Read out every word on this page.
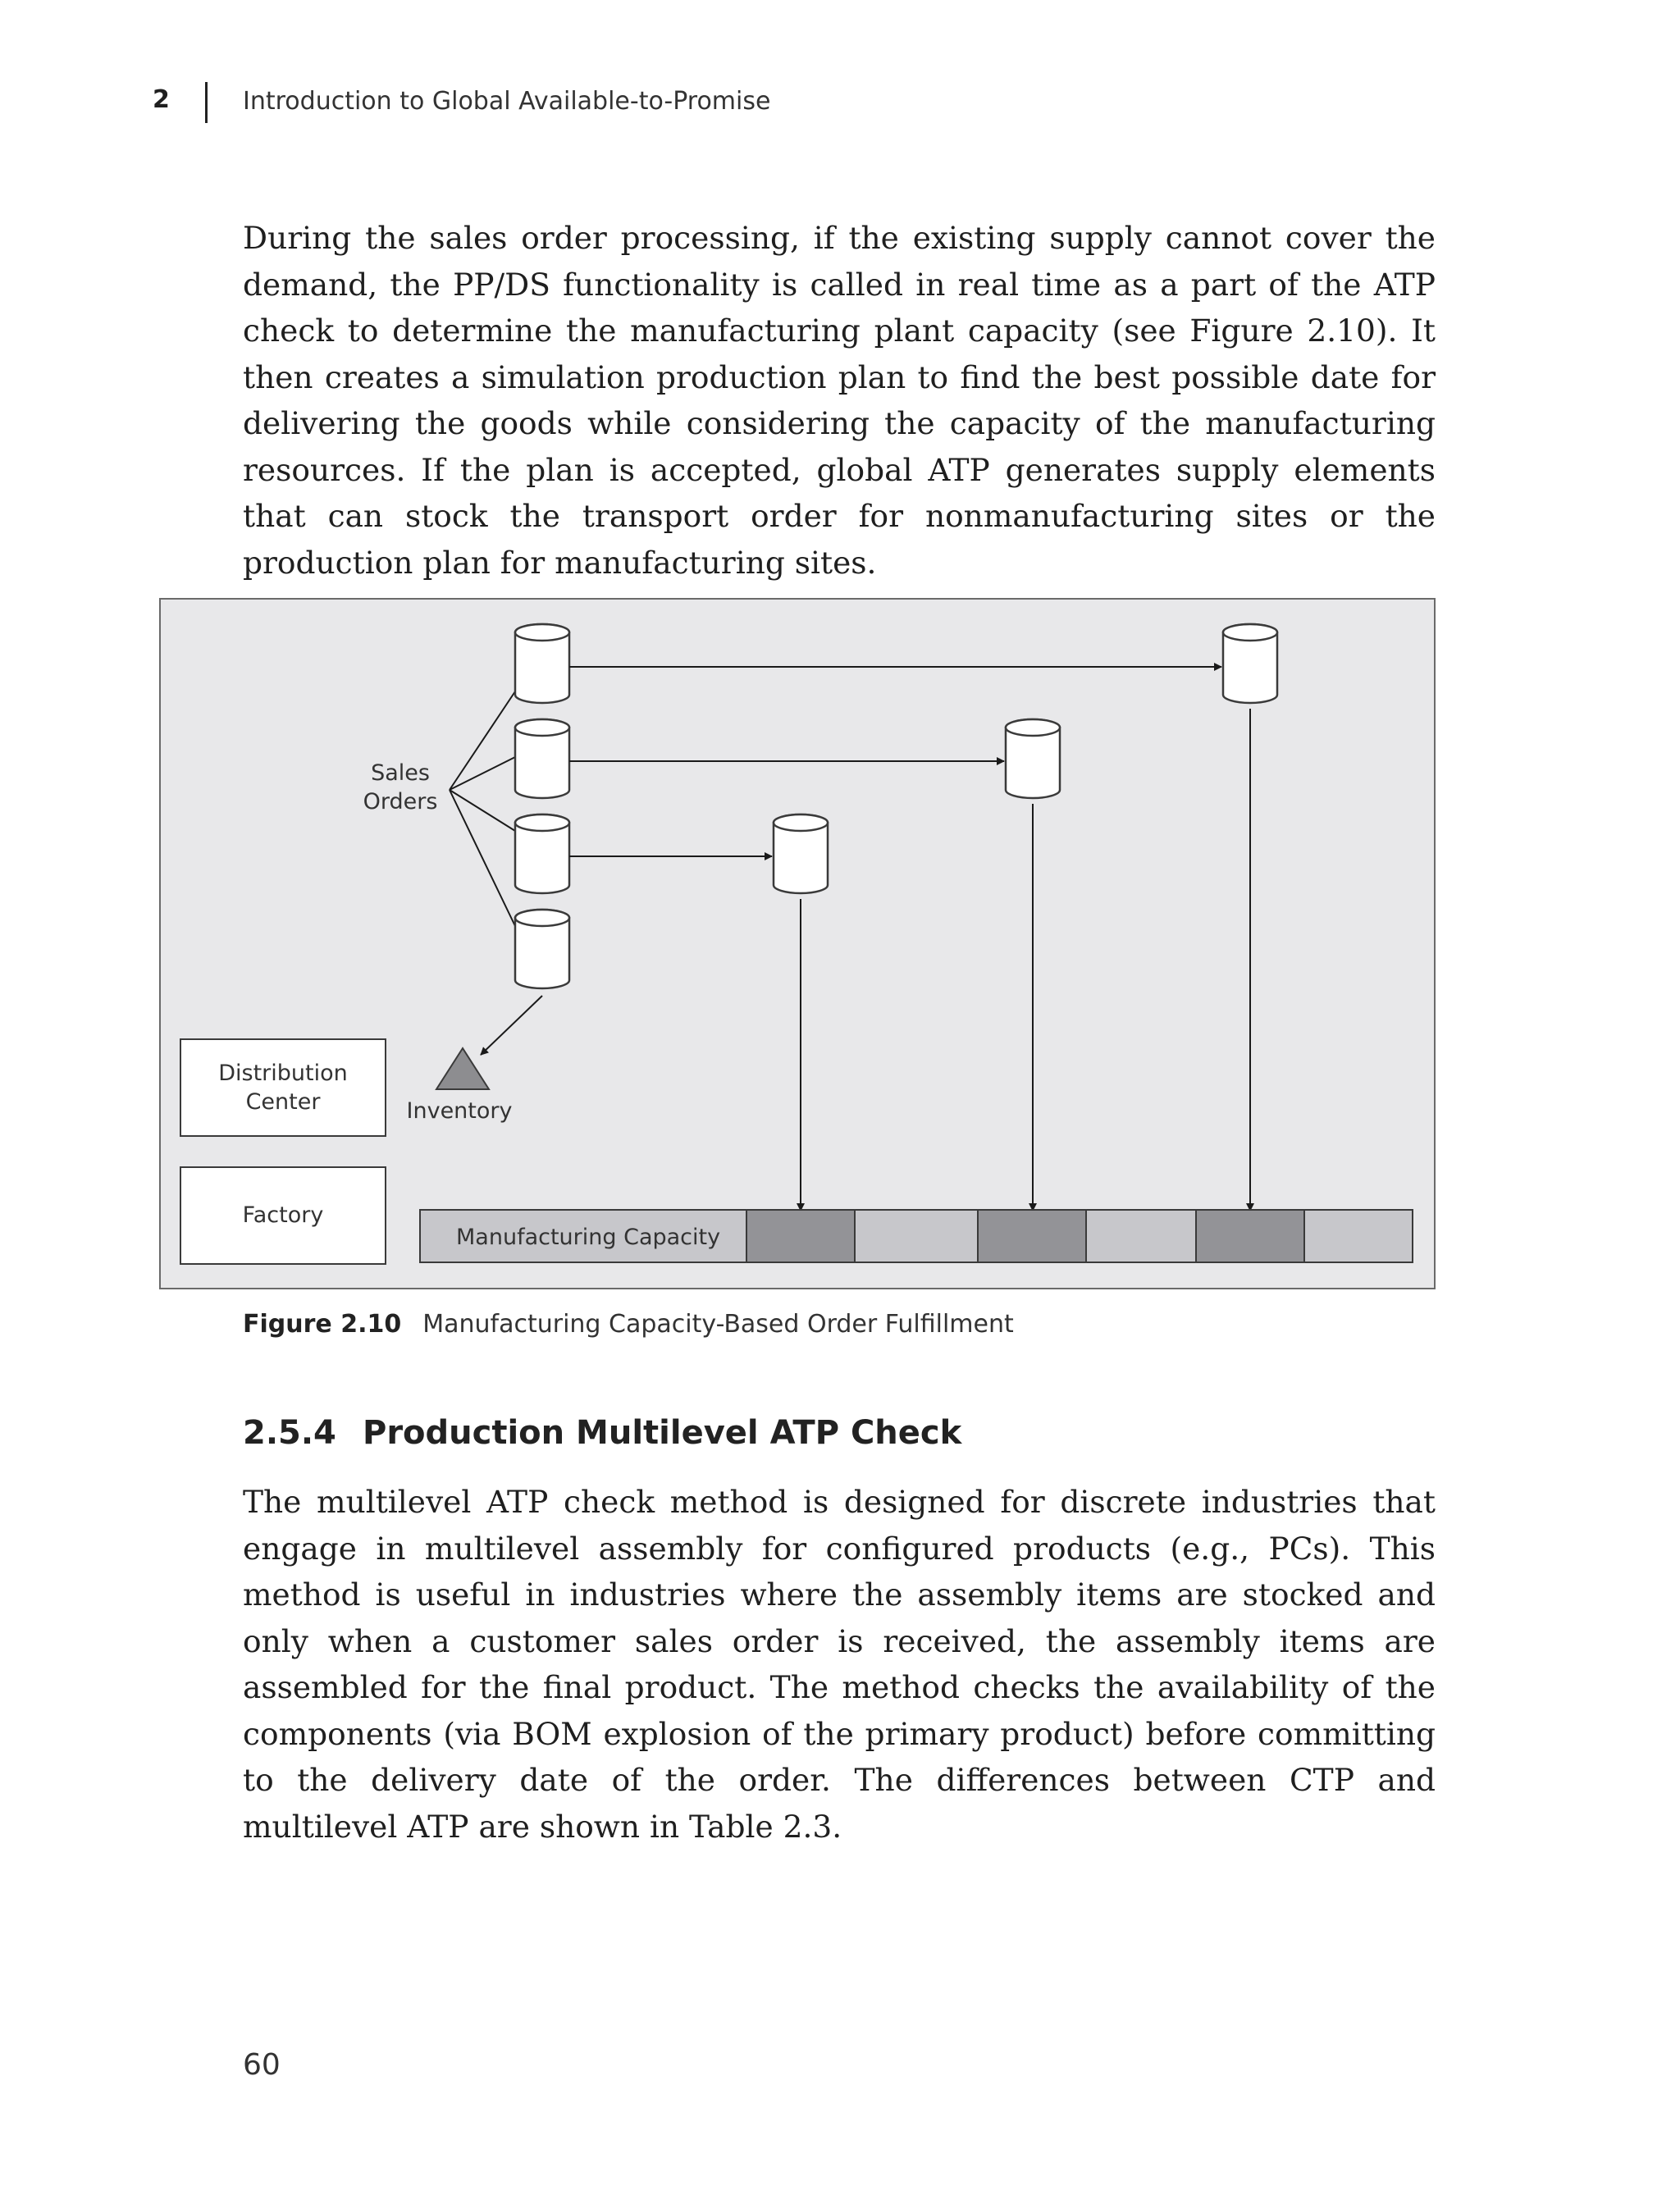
2	Introduction to Global Available-to-Promise

During the sales order processing, if the existing supply cannot cover the demand, the PP/DS functionality is called in real time as a part of the ATP check to determine the manufacturing plant capacity (see Figure 2.10). It then creates a simulation production plan to find the best possible date for delivering the goods while considering the capacity of the manufacturing resources. If the plan is accepted, global ATP generates supply elements that can stock the transport order for nonmanufacturing sites or the production plan for manufacturing sites.

Sales
Orders
Inventory
Distribution
Center
Factory
Manufacturing Capacity
Figure 2.10 Manufacturing Capacity-Based Order Fulfillment
2.5.4 Production Multilevel ATP Check

The multilevel ATP check method is designed for discrete industries that engage in multilevel assembly for configured products (e.g., PCs). This method is useful in industries where the assembly items are stocked and only when a customer sales order is received, the assembly items are assembled for the final product. The method checks the availability of the components (via BOM explosion of the primary product) before committing to the delivery date of the order. The differences between CTP and multilevel ATP are shown in Table 2.3.

60
